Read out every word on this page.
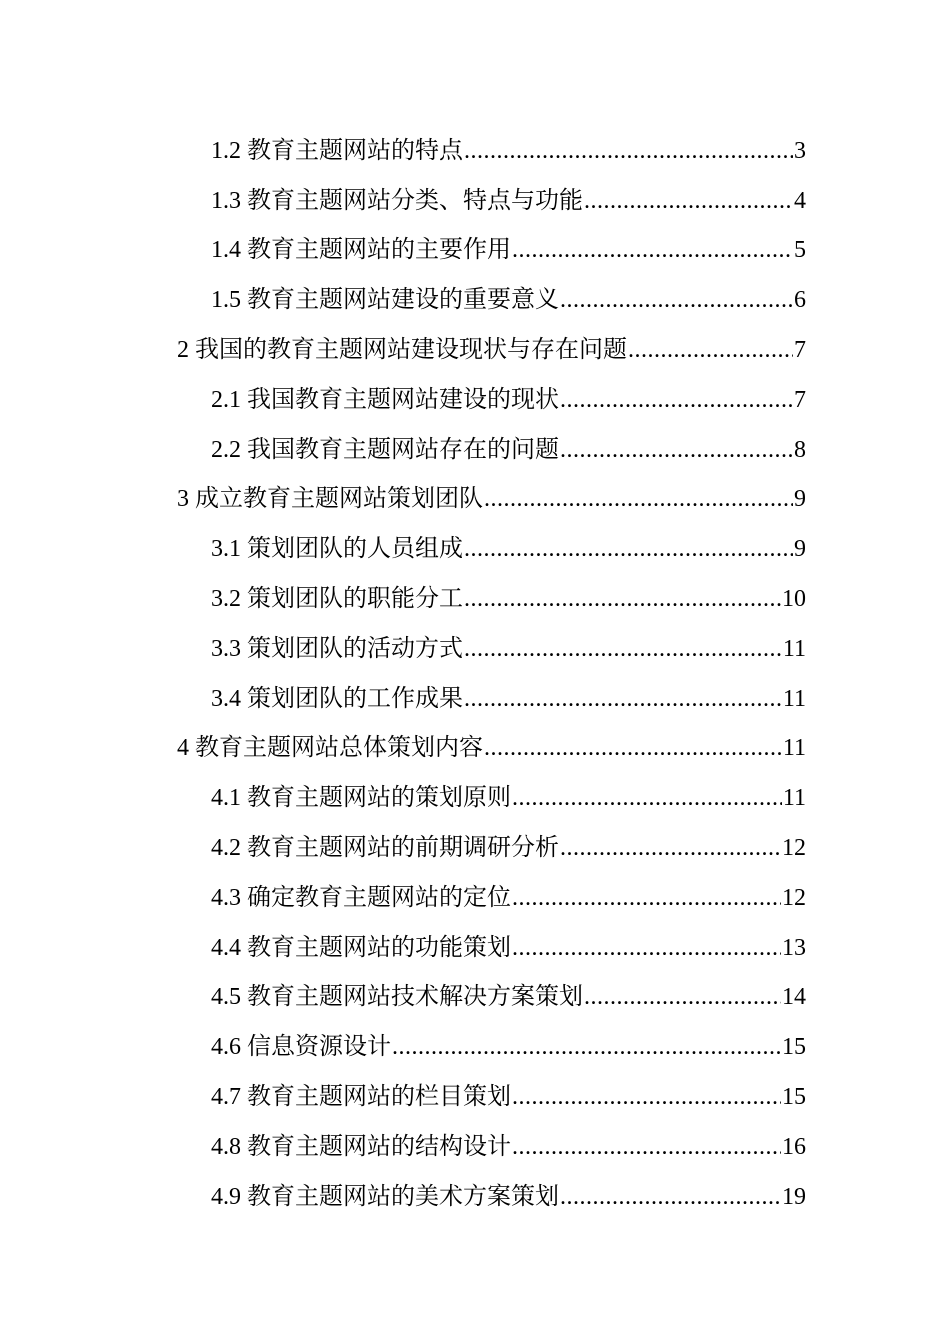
1.2 教育主题网站的特点 .....	3
1.3 教育主题网站分类、特点与功能 .....	4
1.4 教育主题网站的主要作用 .....	5
1.5 教育主题网站建设的重要意义 .....	6
2 我国的教育主题网站建设现状与存在问题 .....	7
2.1 我国教育主题网站建设的现状 .....	7
2.2 我国教育主题网站存在的问题 .....	8
3 成立教育主题网站策划团队 .....	9
3.1 策划团队的人员组成 .....	9
3.2 策划团队的职能分工 .....	10
3.3 策划团队的活动方式 .....	11
3.4 策划团队的工作成果 .....	11
4 教育主题网站总体策划内容 .....	11
4.1 教育主题网站的策划原则 .....	11
4.2 教育主题网站的前期调研分析 .....	12
4.3 确定教育主题网站的定位 .....	12
4.4 教育主题网站的功能策划 .....	13
4.5 教育主题网站技术解决方案策划 .....	14
4.6 信息资源设计 .....	15
4.7 教育主题网站的栏目策划 .....	15
4.8 教育主题网站的结构设计 .....	16
4.9 教育主题网站的美术方案策划 .....	19
